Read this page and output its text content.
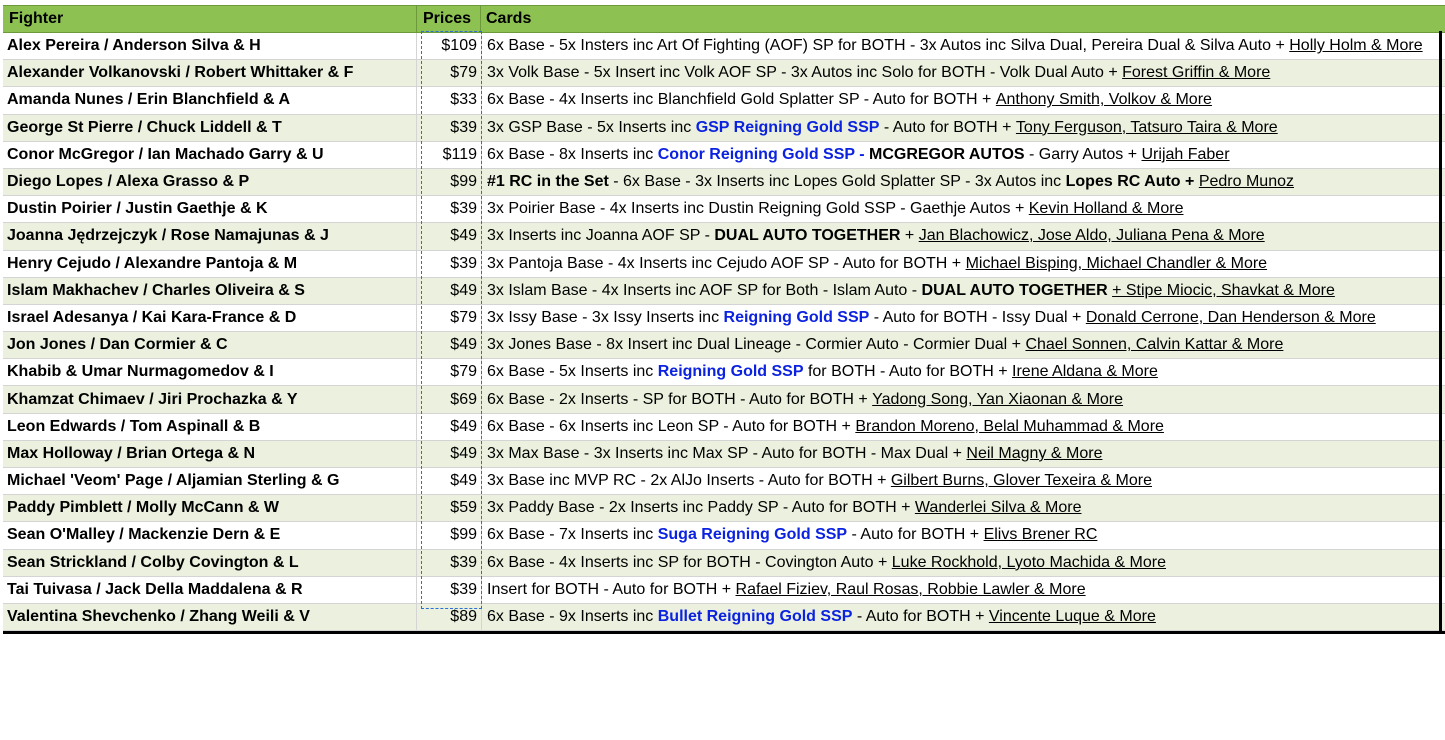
Fighter	Prices Cards
Alex Pereira / Anderson Silva & H	$109 6x Base - 5x Insters inc Art Of Fighting (AOF) SP for BOTH - 3x Autos inc Silva Dual, Pereira Dual & Silva Auto + Holly Holm & More
Alexander Volkanovski / Robert Whittaker & F	$79 3x Volk Base - 5x Insert inc Volk AOF SP - 3x Autos inc Solo for BOTH - Volk Dual Auto + Forest Griffin & More
Amanda Nunes / Erin Blanchfield & A	$33 6x Base - 4x Inserts inc Blanchfield Gold Splatter SP - Auto for BOTH + Anthony Smith, Volkov & More
George St Pierre / Chuck Liddell & T	$39 3x GSP Base - 5x Inserts inc GSP Reigning Gold SSP - Auto for BOTH + Tony Ferguson, Tatsuro Taira & More
Conor McGregor / Ian Machado Garry & U	$119 6x Base - 8x Inserts inc Conor Reigning Gold SSP -
MCGREGOR AUTOS - Garry Autos + Urijah Faber
Diego Lopes / Alexa Grasso & P	$99 #1 RC in the Set - 6x Base - 3x Inserts inc Lopes Gold Splatter SP - 3x Autos inc Lopes RC Auto +
Pedro Munoz
Dustin Poirier / Justin Gaethje & K	$39 3x Poirier Base - 4x Inserts inc Dustin Reigning Gold SSP - Gaethje Autos + Kevin Holland & More
Joanna Jędrzejczyk / Rose Namajunas & J	$49 3x Inserts inc Joanna AOF SP - DUAL AUTO TOGETHER + Jan Blachowicz, Jose Aldo, Juliana Pena & More
Henry Cejudo / Alexandre Pantoja & M	$39 3x Pantoja Base - 4x Inserts inc Cejudo AOF SP - Auto for BOTH + Michael Bisping, Michael Chandler & More
Islam Makhachev / Charles Oliveira & S	$49 3x Islam Base - 4x Inserts inc AOF SP for Both - Islam Auto - DUAL AUTO TOGETHER
+ Stipe Miocic, Shavkat & More
Israel Adesanya / Kai Kara-France & D	$79 3x Issy Base - 3x Issy Inserts inc Reigning Gold SSP - Auto for BOTH - Issy Dual + Donald Cerrone, Dan Henderson & More
Jon Jones / Dan Cormier & C	$49 3x Jones Base - 8x Insert inc Dual Lineage - Cormier Auto - Cormier Dual + Chael Sonnen, Calvin Kattar & More
Khabib & Umar Nurmagomedov & I	$79 6x Base - 5x Inserts inc Reigning Gold SSP for BOTH - Auto for BOTH + Irene Aldana & More
Khamzat Chimaev / Jiri Prochazka & Y	$69 6x Base - 2x Inserts - SP for BOTH - Auto for BOTH + Yadong Song, Yan Xiaonan & More
Leon Edwards / Tom Aspinall & B	$49 6x Base - 6x Inserts inc Leon SP - Auto for BOTH + Brandon Moreno, Belal Muhammad & More
Max Holloway / Brian Ortega & N	$49 3x Max Base - 3x Inserts inc Max SP - Auto for BOTH - Max Dual + Neil Magny & More
Michael 'Veom' Page / Aljamian Sterling & G	$49 3x Base inc MVP RC - 2x AlJo Inserts - Auto for BOTH + Gilbert Burns, Glover Texeira & More
Paddy Pimblett / Molly McCann & W	$59 3x Paddy Base - 2x Inserts inc Paddy SP - Auto for BOTH + Wanderlei Silva & More
Sean O'Malley / Mackenzie Dern & E	$99 6x Base - 7x Inserts inc Suga Reigning Gold SSP - Auto for BOTH + Elivs Brener RC
Sean Strickland / Colby Covington & L	$39 6x Base - 4x Inserts inc SP for BOTH - Covington Auto + Luke Rockhold, Lyoto Machida & More
Tai Tuivasa / Jack Della Maddalena & R	$39 Insert for BOTH - Auto for BOTH + Rafael Fiziev, Raul Rosas, Robbie Lawler & More
Valentina Shevchenko / Zhang Weili & V	$89 6x Base - 9x Inserts inc Bullet Reigning Gold SSP - Auto for BOTH + Vincente Luque & More
